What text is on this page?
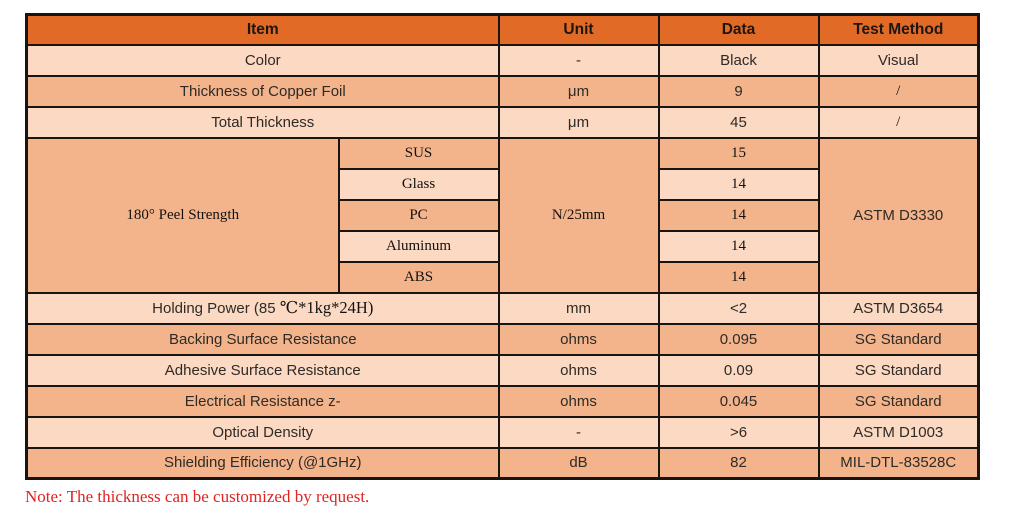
Item		Unit	Data	Test Method
Color		-	Black	Visual
Thickness of Copper Foil		μm	9	/
Total Thickness		μm	45	/
180° Peel Strength	SUS	N/25mm	15	ASTM D3330
	Glass		14	
	PC		14	
	Aluminum		14	
	ABS		14	
Holding Power (85 ℃*1kg*24H)		mm	<2	ASTM D3654
Backing Surface Resistance		ohms	0.095	SG Standard
Adhesive Surface Resistance		ohms	0.09	SG Standard
Electrical Resistance z-		ohms	0.045	SG Standard
Optical Density		-	>6	ASTM D1003
Shielding Efficiency (@1GHz)		dB	82	MIL-DTL-83528C
Note: The thickness can be customized by request.
